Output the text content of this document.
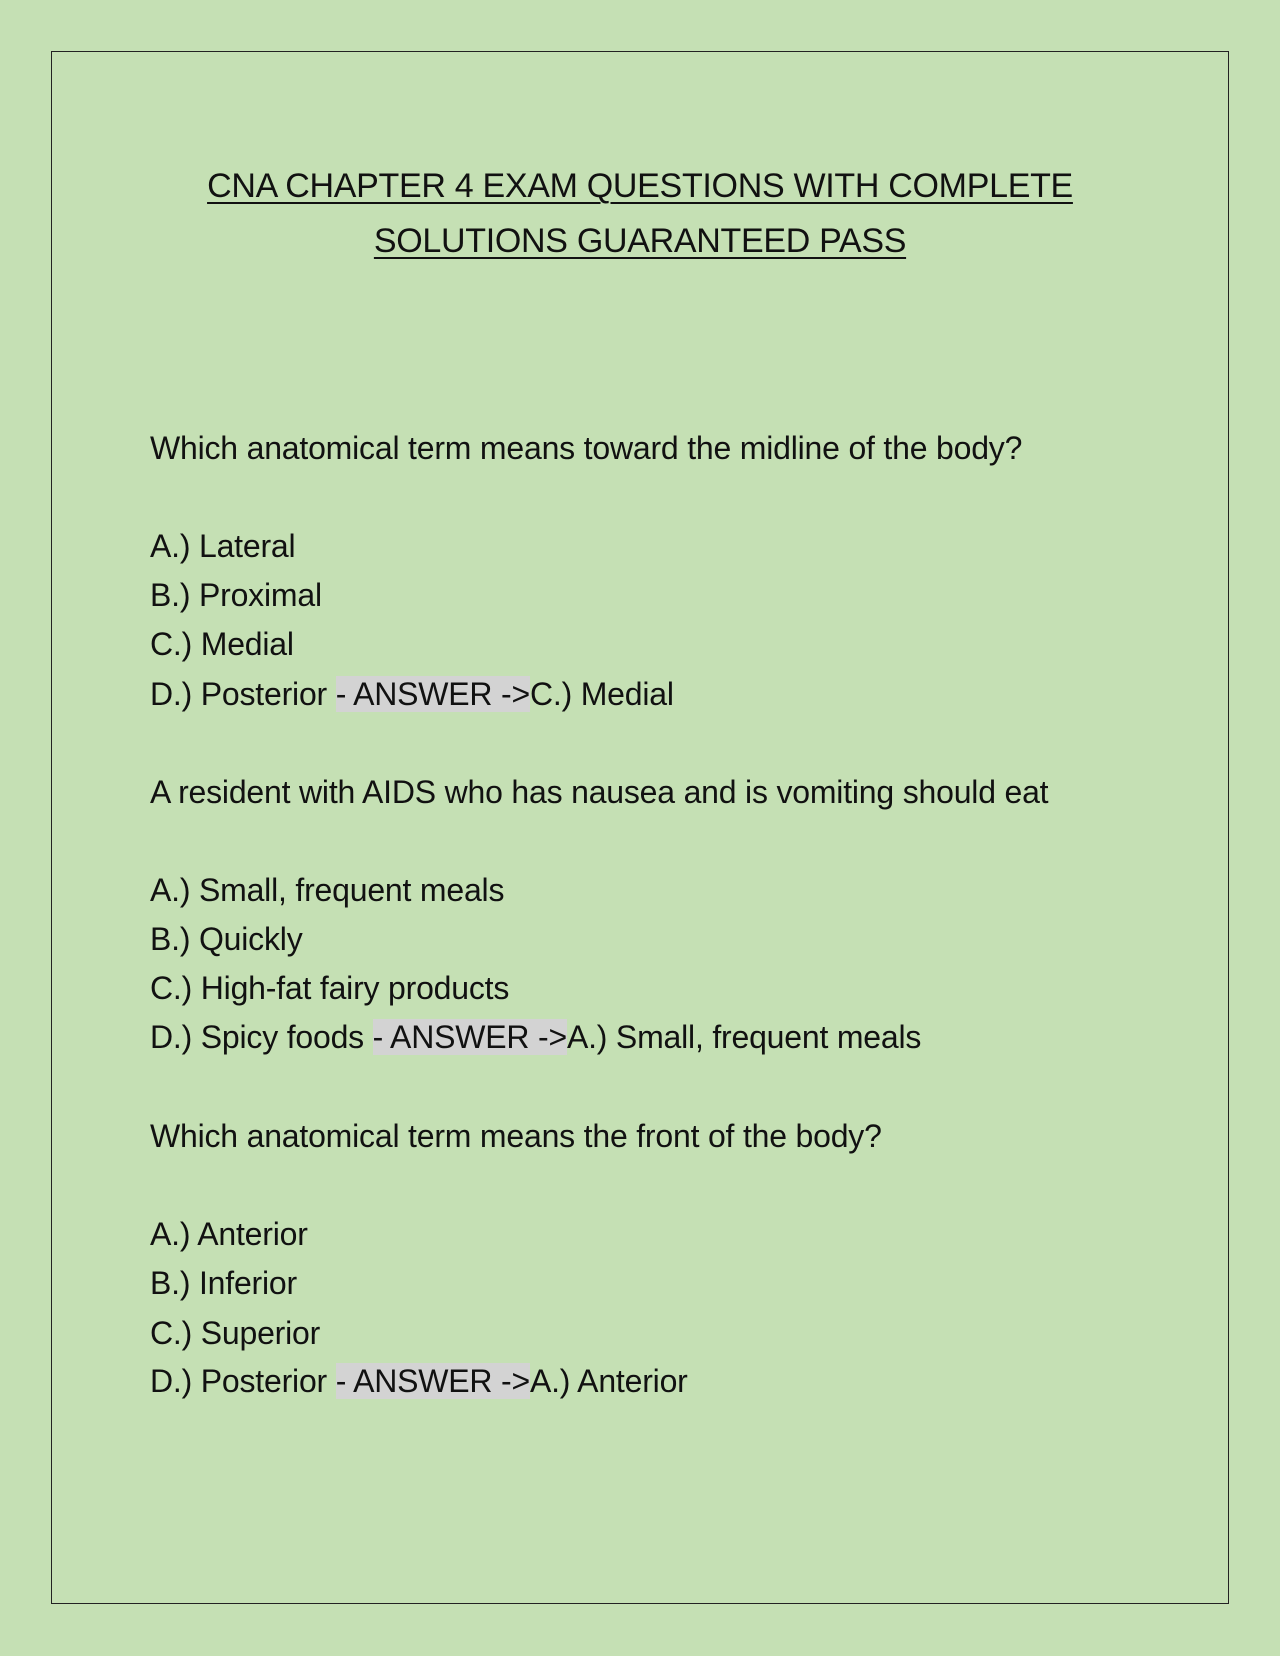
CNA CHAPTER 4 EXAM QUESTIONS WITH COMPLETE
SOLUTIONS GUARANTEED PASS
Which anatomical term means toward the midline of the body?
A.) Lateral
B.) Proximal
C.) Medial
D.) Posterior - ANSWER ->C.) Medial
A resident with AIDS who has nausea and is vomiting should eat
A.) Small, frequent meals
B.) Quickly
C.) High-fat fairy products
D.) Spicy foods - ANSWER ->A.) Small, frequent meals
Which anatomical term means the front of the body?
A.) Anterior
B.) Inferior
C.) Superior
D.) Posterior - ANSWER ->A.) Anterior
